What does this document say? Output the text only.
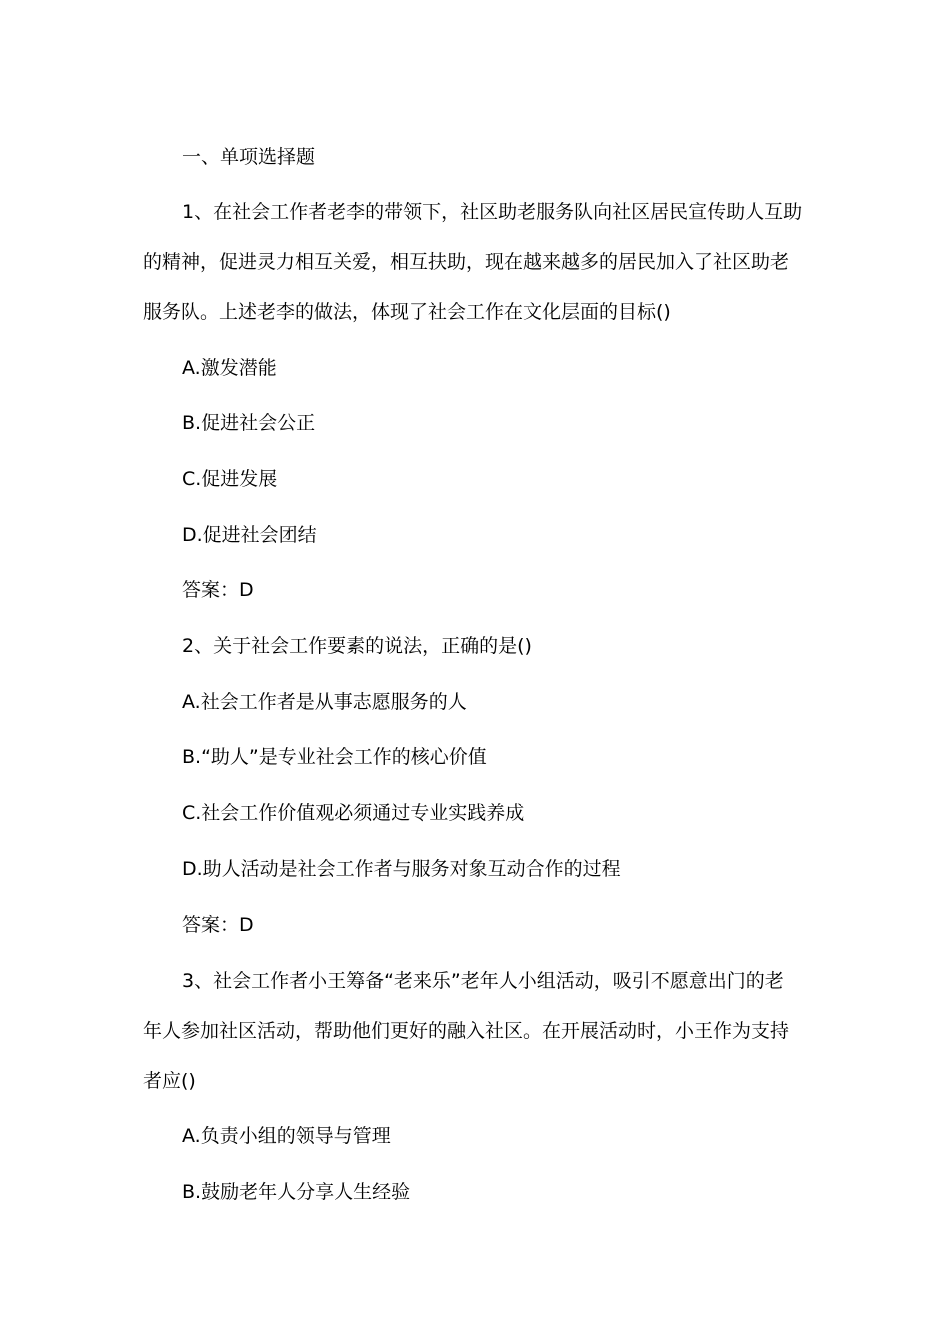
一、单项选择题
1、在社会工作者老李的带领下，社区助老服务队向社区居民宣传助人互助
的精神，促进灵力相互关爱，相互扶助，现在越来越多的居民加入了社区助老
服务队。上述老李的做法，体现了社会工作在文化层面的目标()
A.激发潜能
B.促进社会公正
C.促进发展
D.促进社会团结
答案：D
2、关于社会工作要素的说法，正确的是()
A.社会工作者是从事志愿服务的人
B.“助人”是专业社会工作的核心价值
C.社会工作价值观必须通过专业实践养成
D.助人活动是社会工作者与服务对象互动合作的过程
答案：D
3、社会工作者小王筹备“老来乐”老年人小组活动，吸引不愿意出门的老
年人参加社区活动，帮助他们更好的融入社区。在开展活动时，小王作为支持
者应()
A.负责小组的领导与管理
B.鼓励老年人分享人生经验
